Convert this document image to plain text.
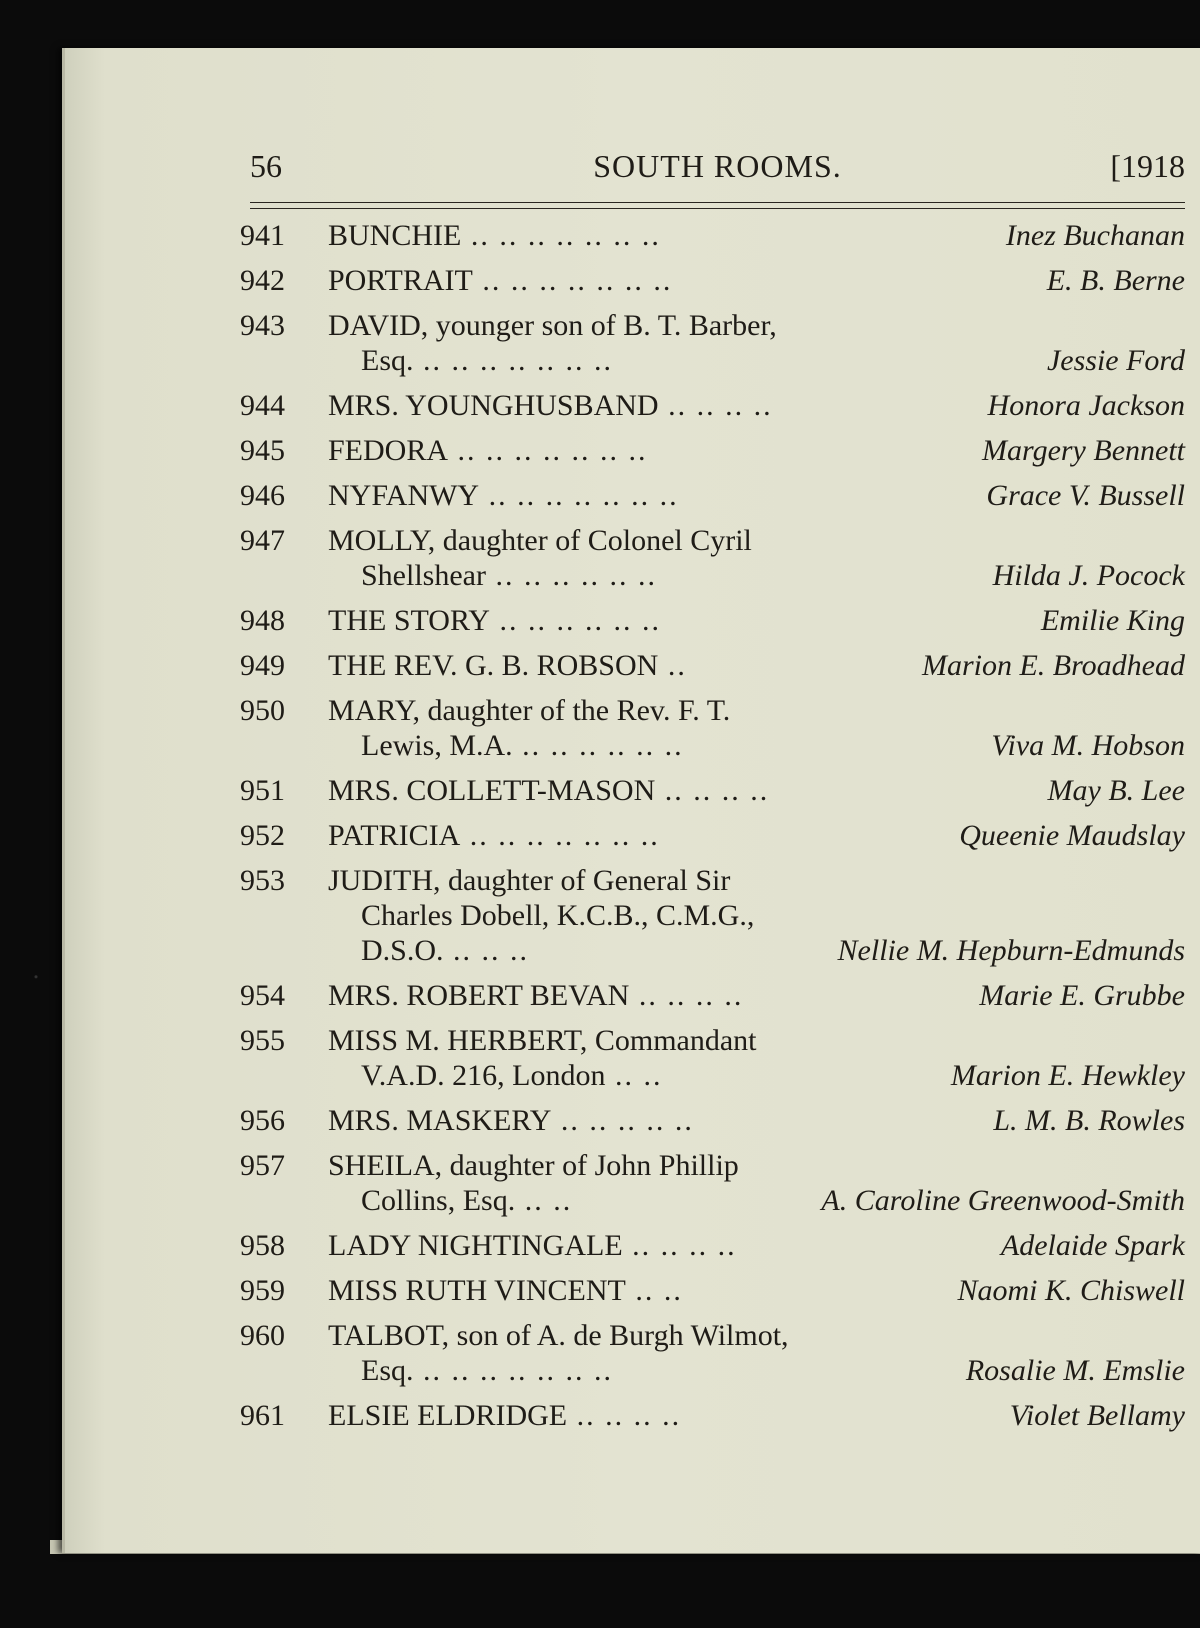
56	SOUTH ROOMS.	[1918
941	BUNCHIE .. .. .. .. .. .. ..	Inez Buchanan
942	PORTRAIT .. .. .. .. .. .. ..	E. B. Berne
943	DAVID, younger son of B. T. Barber,
Esq. .. .. .. .. .. .. ..	Jessie Ford
944	MRS. YOUNGHUSBAND .. .. .. ..	Honora Jackson
945	FEDORA .. .. .. .. .. .. ..	Margery Bennett
946	NYFANWY .. .. .. .. .. .. ..	Grace V. Bussell
947	MOLLY, daughter of Colonel Cyril
Shellshear .. .. .. .. .. ..	Hilda J. Pocock
948	THE STORY .. .. .. .. .. ..	Emilie King
949	THE REV. G. B. ROBSON ..	Marion E. Broadhead
950	MARY, daughter of the Rev. F. T.
Lewis, M.A. .. .. .. .. .. ..	Viva M. Hobson
951	MRS. COLLETT-MASON .. .. .. ..	May B. Lee
952	PATRICIA .. .. .. .. .. .. ..	Queenie Maudslay
953	JUDITH, daughter of General Sir
Charles Dobell, K.C.B., C.M.G.,
D.S.O. .. .. ..	Nellie M. Hepburn-Edmunds
954	MRS. ROBERT BEVAN .. .. .. ..	Marie E. Grubbe
955	MISS M. HERBERT, Commandant
V.A.D. 216, London .. ..	Marion E. Hewkley
956	MRS. MASKERY .. .. .. .. ..	L. M. B. Rowles
957	SHEILA, daughter of John Phillip
Collins, Esq. .. ..	A. Caroline Greenwood-Smith
958	LADY NIGHTINGALE .. .. .. ..	Adelaide Spark
959	MISS RUTH VINCENT .. ..	Naomi K. Chiswell
960	TALBOT, son of A. de Burgh Wilmot,
Esq. .. .. .. .. .. .. ..	Rosalie M. Emslie
961	ELSIE ELDRIDGE .. .. .. ..	Violet Bellamy
